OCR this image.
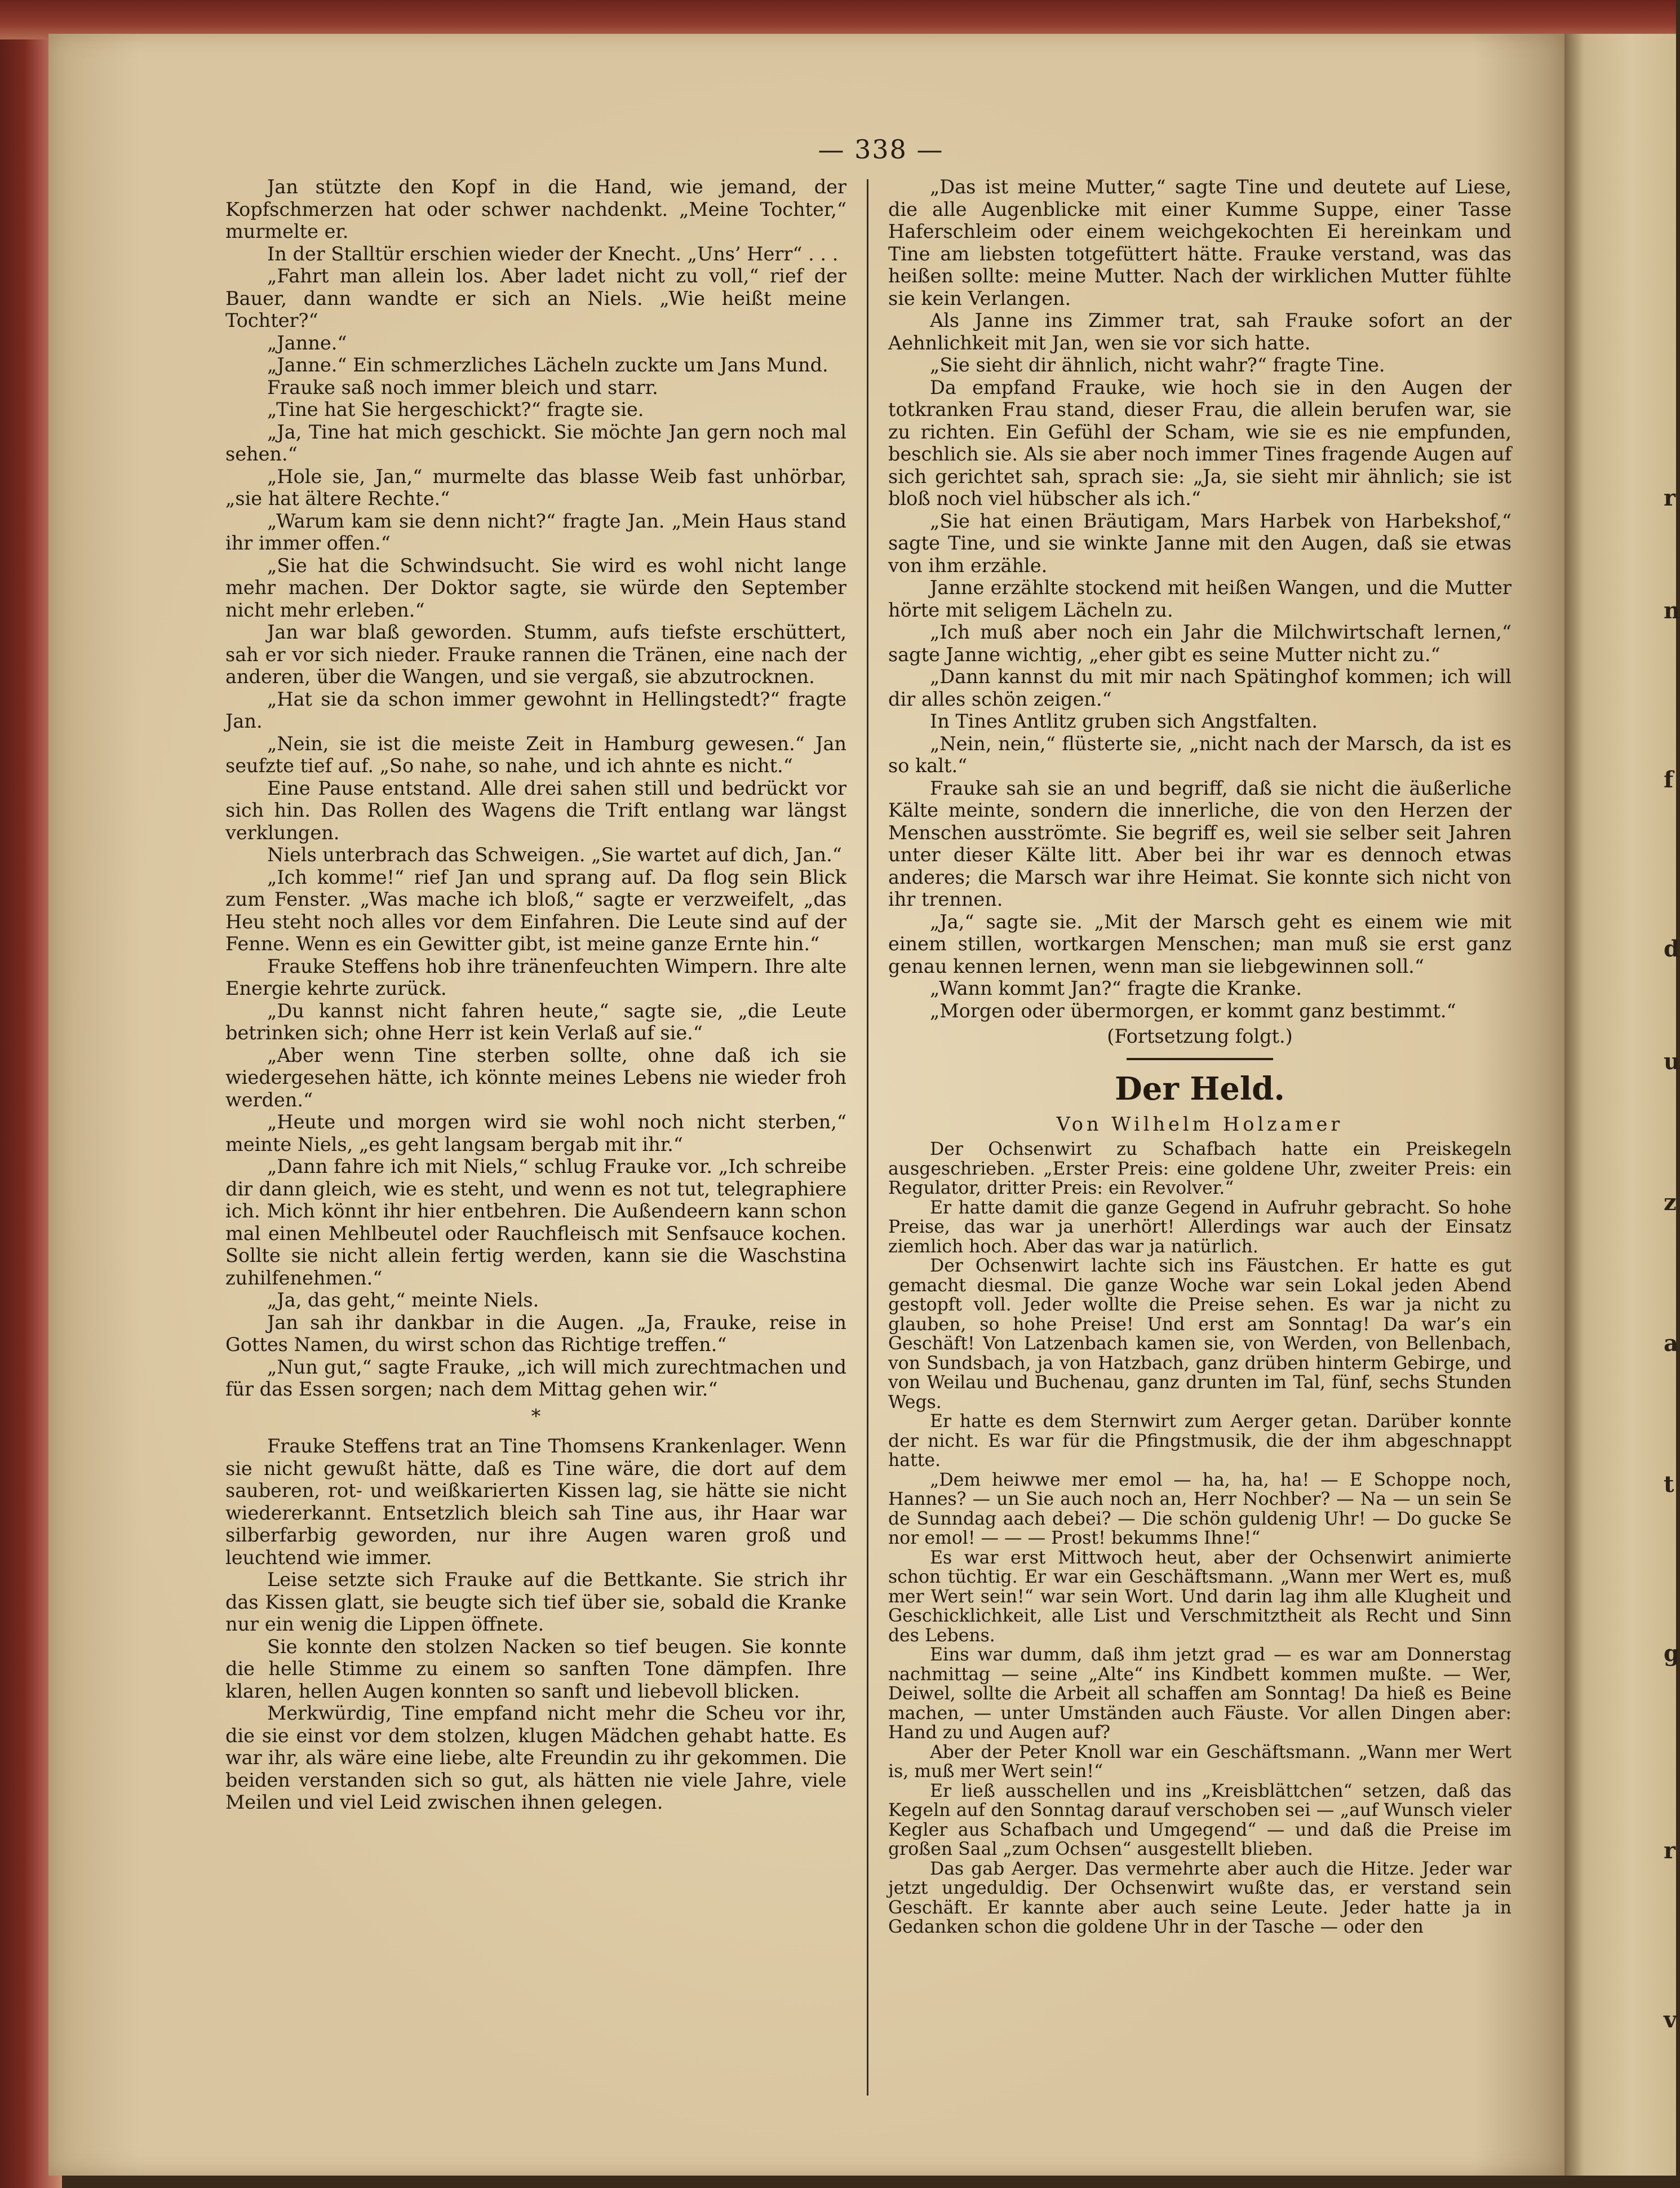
r
n
f
d
u
z
a
t
g
r
v
— 338 —

Jan stützte den Kopf in die Hand, wie jemand, der Kopfschmerzen hat oder schwer nachdenkt. „Meine Tochter,“ murmelte er.

In der Stalltür erschien wieder der Knecht. „Uns’ Herr“ . . .

„Fahrt man allein los. Aber ladet nicht zu voll,“ rief der Bauer, dann wandte er sich an Niels. „Wie heißt meine Tochter?“

„Janne.“

„Janne.“ Ein schmerzliches Lächeln zuckte um Jans Mund.

Frauke saß noch immer bleich und starr.

„Tine hat Sie hergeschickt?“ fragte sie.

„Ja, Tine hat mich geschickt. Sie möchte Jan gern noch mal sehen.“

„Hole sie, Jan,“ murmelte das blasse Weib fast unhörbar, „sie hat ältere Rechte.“

„Warum kam sie denn nicht?“ fragte Jan. „Mein Haus stand ihr immer offen.“

„Sie hat die Schwindsucht. Sie wird es wohl nicht lange mehr machen. Der Doktor sagte, sie würde den September nicht mehr erleben.“

Jan war blaß geworden. Stumm, aufs tiefste erschüttert, sah er vor sich nieder. Frauke rannen die Tränen, eine nach der anderen, über die Wangen, und sie vergaß, sie abzutrocknen.

„Hat sie da schon immer gewohnt in Hellingstedt?“ fragte Jan.

„Nein, sie ist die meiste Zeit in Hamburg gewesen.“ Jan seufzte tief auf. „So nahe, so nahe, und ich ahnte es nicht.“

Eine Pause entstand. Alle drei sahen still und bedrückt vor sich hin. Das Rollen des Wagens die Trift entlang war längst verklungen.

Niels unterbrach das Schweigen. „Sie wartet auf dich, Jan.“

„Ich komme!“ rief Jan und sprang auf. Da flog sein Blick zum Fenster. „Was mache ich bloß,“ sagte er verzweifelt, „das Heu steht noch alles vor dem Einfahren. Die Leute sind auf der Fenne. Wenn es ein Gewitter gibt, ist meine ganze Ernte hin.“

Frauke Steffens hob ihre tränenfeuchten Wimpern. Ihre alte Energie kehrte zurück.

„Du kannst nicht fahren heute,“ sagte sie, „die Leute betrinken sich; ohne Herr ist kein Verlaß auf sie.“

„Aber wenn Tine sterben sollte, ohne daß ich sie wiedergesehen hätte, ich könnte meines Lebens nie wieder froh werden.“

„Heute und morgen wird sie wohl noch nicht sterben,“ meinte Niels, „es geht langsam bergab mit ihr.“

„Dann fahre ich mit Niels,“ schlug Frauke vor. „Ich schreibe dir dann gleich, wie es steht, und wenn es not tut, telegraphiere ich. Mich könnt ihr hier entbehren. Die Außendeern kann schon mal einen Mehlbeutel oder Rauchfleisch mit Senfsauce kochen. Sollte sie nicht allein fertig werden, kann sie die Waschstina zuhilfenehmen.“

„Ja, das geht,“ meinte Niels.

Jan sah ihr dankbar in die Augen. „Ja, Frauke, reise in Gottes Namen, du wirst schon das Richtige treffen.“

„Nun gut,“ sagte Frauke, „ich will mich zurechtmachen und für das Essen sorgen; nach dem Mittag gehen wir.“

*

Frauke Steffens trat an Tine Thomsens Krankenlager. Wenn sie nicht gewußt hätte, daß es Tine wäre, die dort auf dem sauberen, rot- und weißkarierten Kissen lag, sie hätte sie nicht wiedererkannt. Entsetzlich bleich sah Tine aus, ihr Haar war silberfarbig geworden, nur ihre Augen waren groß und leuchtend wie immer.

Leise setzte sich Frauke auf die Bettkante. Sie strich ihr das Kissen glatt, sie beugte sich tief über sie, sobald die Kranke nur ein wenig die Lippen öffnete.

Sie konnte den stolzen Nacken so tief beugen. Sie konnte die helle Stimme zu einem so sanften Tone dämpfen. Ihre klaren, hellen Augen konnten so sanft und liebevoll blicken.

Merkwürdig, Tine empfand nicht mehr die Scheu vor ihr, die sie einst vor dem stolzen, klugen Mädchen gehabt hatte. Es war ihr, als wäre eine liebe, alte Freundin zu ihr gekommen. Die beiden verstanden sich so gut, als hätten nie viele Jahre, viele Meilen und viel Leid zwischen ihnen gelegen.

„Das ist meine Mutter,“ sagte Tine und deutete auf Liese, die alle Augenblicke mit einer Kumme Suppe, einer Tasse Haferschleim oder einem weichgekochten Ei hereinkam und Tine am liebsten totgefüttert hätte. Frauke verstand, was das heißen sollte: meine Mutter. Nach der wirklichen Mutter fühlte sie kein Verlangen.

Als Janne ins Zimmer trat, sah Frauke sofort an der Aehnlichkeit mit Jan, wen sie vor sich hatte.

„Sie sieht dir ähnlich, nicht wahr?“ fragte Tine.

Da empfand Frauke, wie hoch sie in den Augen der totkranken Frau stand, dieser Frau, die allein berufen war, sie zu richten. Ein Gefühl der Scham, wie sie es nie empfunden, beschlich sie. Als sie aber noch immer Tines fragende Augen auf sich gerichtet sah, sprach sie: „Ja, sie sieht mir ähnlich; sie ist bloß noch viel hübscher als ich.“

„Sie hat einen Bräutigam, Mars Harbek von Harbekshof,“ sagte Tine, und sie winkte Janne mit den Augen, daß sie etwas von ihm erzähle.

Janne erzählte stockend mit heißen Wangen, und die Mutter hörte mit seligem Lächeln zu.

„Ich muß aber noch ein Jahr die Milchwirtschaft lernen,“ sagte Janne wichtig, „eher gibt es seine Mutter nicht zu.“

„Dann kannst du mit mir nach Spätinghof kommen; ich will dir alles schön zeigen.“

In Tines Antlitz gruben sich Angstfalten.

„Nein, nein,“ flüsterte sie, „nicht nach der Marsch, da ist es so kalt.“

Frauke sah sie an und begriff, daß sie nicht die äußerliche Kälte meinte, sondern die innerliche, die von den Herzen der Menschen ausströmte. Sie begriff es, weil sie selber seit Jahren unter dieser Kälte litt. Aber bei ihr war es dennoch etwas anderes; die Marsch war ihre Heimat. Sie konnte sich nicht von ihr trennen.

„Ja,“ sagte sie. „Mit der Marsch geht es einem wie mit einem stillen, wortkargen Menschen; man muß sie erst ganz genau kennen lernen, wenn man sie liebgewinnen soll.“

„Wann kommt Jan?“ fragte die Kranke.

„Morgen oder übermorgen, er kommt ganz bestimmt.“

(Fortsetzung folgt.)

Der Held.
Von Wilhelm Holzamer

Der Ochsenwirt zu Schafbach hatte ein Preiskegeln ausgeschrieben. „Erster Preis: eine goldene Uhr, zweiter Preis: ein Regulator, dritter Preis: ein Revolver.“

Er hatte damit die ganze Gegend in Aufruhr gebracht. So hohe Preise, das war ja unerhört! Allerdings war auch der Einsatz ziemlich hoch. Aber das war ja natürlich.

Der Ochsenwirt lachte sich ins Fäustchen. Er hatte es gut gemacht diesmal. Die ganze Woche war sein Lokal jeden Abend gestopft voll. Jeder wollte die Preise sehen. Es war ja nicht zu glauben, so hohe Preise! Und erst am Sonntag! Da war’s ein Geschäft! Von Latzenbach kamen sie, von Werden, von Bellenbach, von Sundsbach, ja von Hatzbach, ganz drüben hinterm Gebirge, und von Weilau und Buchenau, ganz drunten im Tal, fünf, sechs Stunden Wegs.

Er hatte es dem Sternwirt zum Aerger getan. Darüber konnte der nicht. Es war für die Pfingstmusik, die der ihm abgeschnappt hatte.

„Dem heiwwe mer emol — ha, ha, ha! — E Schoppe noch, Hannes? — un Sie auch noch an, Herr Nochber? — Na — un sein Se de Sunndag aach debei? — Die schön guldenig Uhr! — Do gucke Se nor emol! — — — Prost! bekumms Ihne!“

Es war erst Mittwoch heut, aber der Ochsenwirt animierte schon tüchtig. Er war ein Geschäftsmann. „Wann mer Wert es, muß mer Wert sein!“ war sein Wort. Und darin lag ihm alle Klugheit und Geschicklichkeit, alle List und Verschmitztheit als Recht und Sinn des Lebens.

Eins war dumm, daß ihm jetzt grad — es war am Donnerstag nachmittag — seine „Alte“ ins Kindbett kommen mußte. — Wer, Deiwel, sollte die Arbeit all schaffen am Sonntag! Da hieß es Beine machen, — unter Umständen auch Fäuste. Vor allen Dingen aber: Hand zu und Augen auf?

Aber der Peter Knoll war ein Geschäftsmann. „Wann mer Wert is, muß mer Wert sein!“

Er ließ ausschellen und ins „Kreisblättchen“ setzen, daß das Kegeln auf den Sonntag darauf verschoben sei — „auf Wunsch vieler Kegler aus Schafbach und Umgegend“ — und daß die Preise im großen Saal „zum Ochsen“ ausgestellt blieben.

Das gab Aerger. Das vermehrte aber auch die Hitze. Jeder war jetzt ungeduldig. Der Ochsenwirt wußte das, er verstand sein Geschäft. Er kannte aber auch seine Leute. Jeder hatte ja in Gedanken schon die goldene Uhr in der Tasche — oder den
